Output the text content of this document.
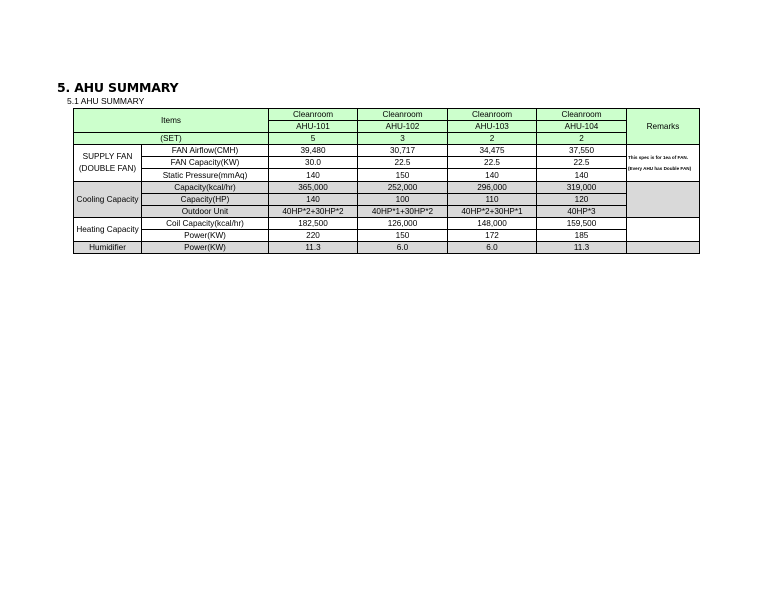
5. AHU SUMMARY
5.1 AHU SUMMARY
Items		Cleanroom	Cleanroom	Cleanroom	Cleanroom	Remarks
		AHU-101	AHU-102	AHU-103	AHU-104	
(SET)		5	3	2	2	
SUPPLY FAN
(DOUBLE FAN)	FAN Airflow(CMH)	39,480	30,717	34,475	37,550	This spec is for 1ea of FAN. (Every AHU has Double FAN)
	FAN Capacity(KW)	30.0	22.5	22.5	22.5	
	Static Pressure(mmAq)	140	150	140	140	
Cooling Capacity	Capacity(kcal/hr)	365,000	252,000	296,000	319,000	
	Capacity(HP)	140	100	110	120	
	Outdoor Unit	40HP*2+30HP*2	40HP*1+30HP*2	40HP*2+30HP*1	40HP*3	
Heating Capacity	Coil Capacity(kcal/hr)	182,500	126,000	148,000	159,500	
	Power(KW)	220	150	172	185	
Humidifier	Power(KW)	11.3	6.0	6.0	11.3	
